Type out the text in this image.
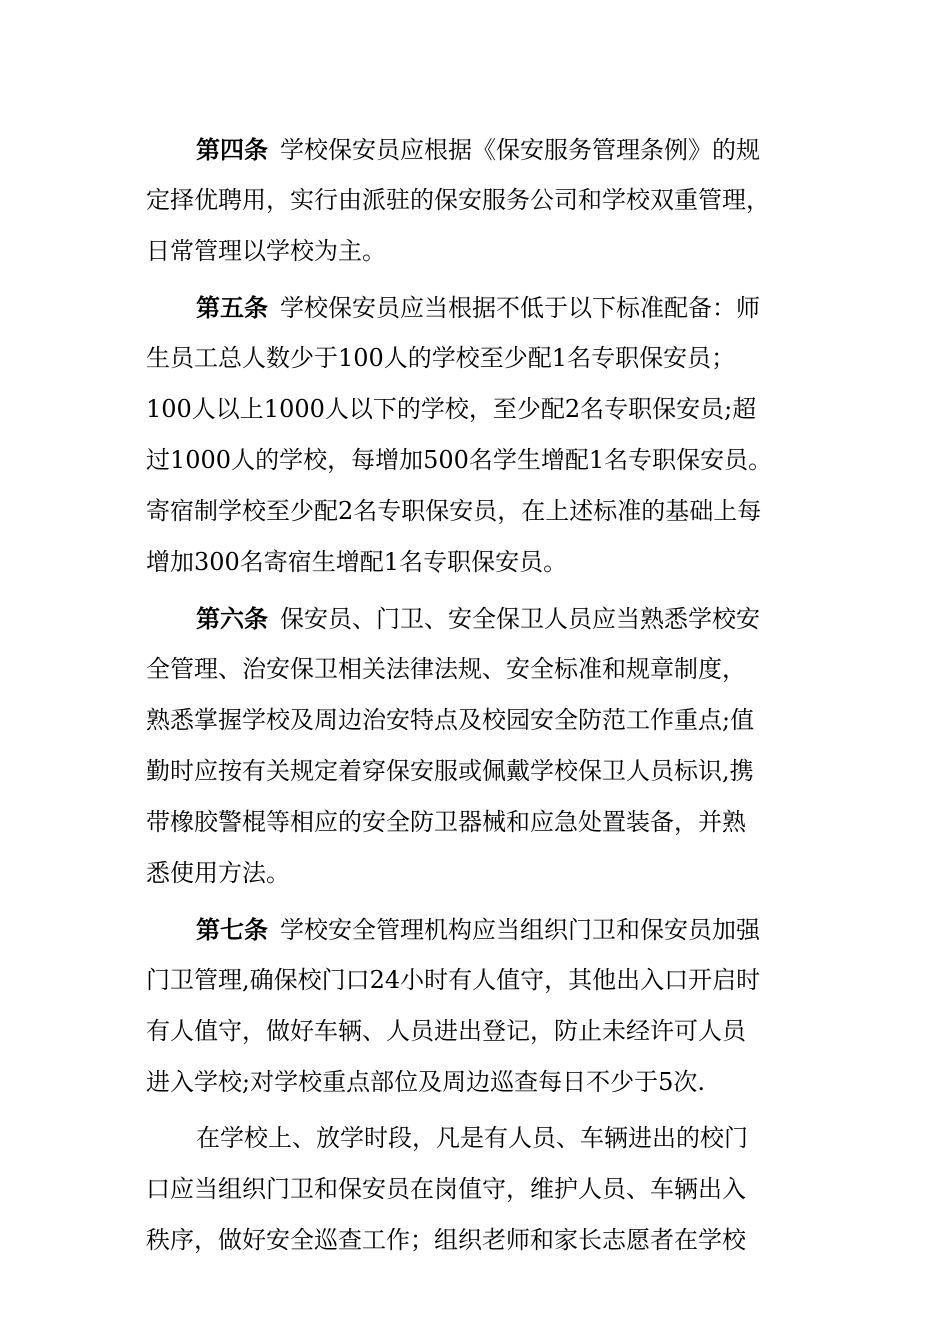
第四条 学校保安员应根据《保安服务管理条例》的规
定择优聘用，实行由派驻的保安服务公司和学校双重管理，
日常管理以学校为主。
第五条 学校保安员应当根据不低于以下标准配备：师
生员工总人数少于100人的学校至少配1名专职保安员；
100人以上1000人以下的学校，至少配2名专职保安员;超
过1000人的学校，每增加500名学生增配1名专职保安员。
寄宿制学校至少配2名专职保安员，在上述标准的基础上每
增加300名寄宿生增配1名专职保安员。
第六条 保安员、门卫、安全保卫人员应当熟悉学校安
全管理、治安保卫相关法律法规、安全标准和规章制度，
熟悉掌握学校及周边治安特点及校园安全防范工作重点;值
勤时应按有关规定着穿保安服或佩戴学校保卫人员标识,携
带橡胶警棍等相应的安全防卫器械和应急处置装备，并熟
悉使用方法。
第七条 学校安全管理机构应当组织门卫和保安员加强
门卫管理,确保校门口24小时有人值守，其他出入口开启时
有人值守，做好车辆、人员进出登记，防止未经许可人员
进入学校;对学校重点部位及周边巡查每日不少于5次.
在学校上、放学时段，凡是有人员、车辆进出的校门
口应当组织门卫和保安员在岗值守，维护人员、车辆出入
秩序，做好安全巡查工作；组织老师和家长志愿者在学校
